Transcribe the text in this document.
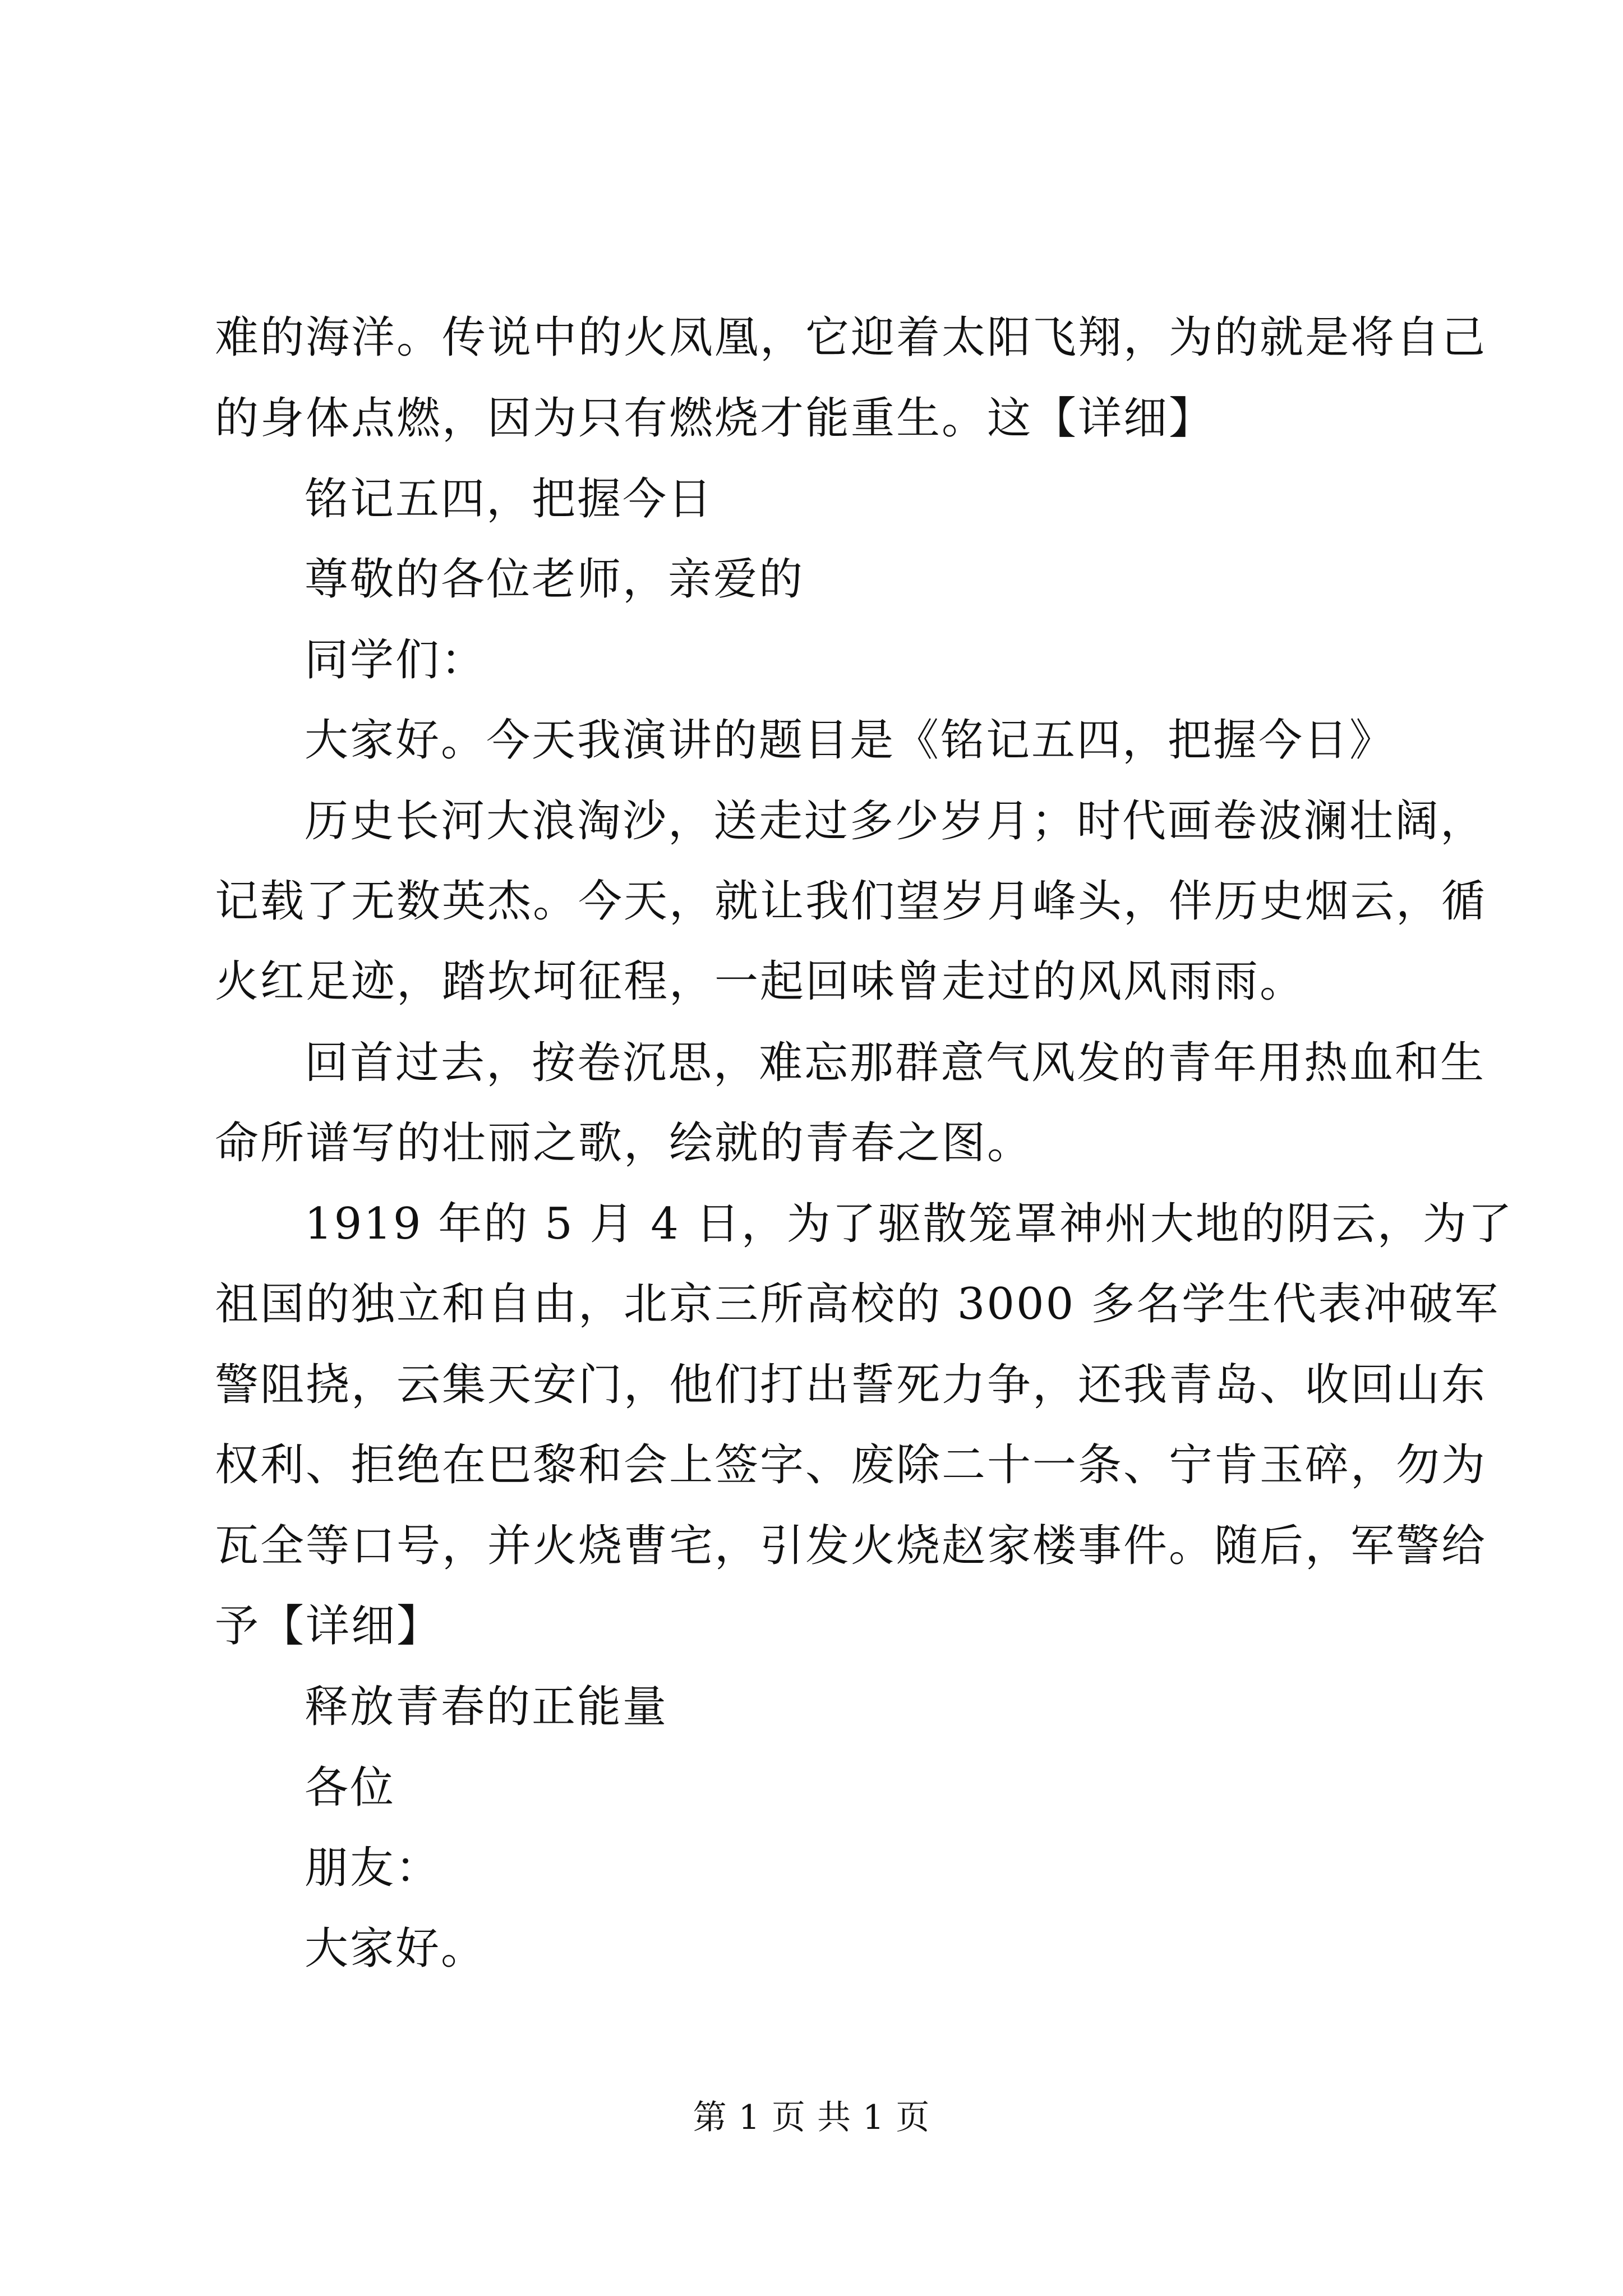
难的海洋。传说中的火凤凰，它迎着太阳飞翔，为的就是将自己
的身体点燃，因为只有燃烧才能重生。这【详细】
铭记五四，把握今日
尊敬的各位老师，亲爱的
同学们：
大家好。今天我演讲的题目是《铭记五四，把握今日》
历史长河大浪淘沙，送走过多少岁月；时代画卷波澜壮阔，
记载了无数英杰。今天，就让我们望岁月峰头，伴历史烟云，循
火红足迹，踏坎坷征程，一起回味曾走过的风风雨雨。
回首过去，按卷沉思，难忘那群意气风发的青年用热血和生
命所谱写的壮丽之歌，绘就的青春之图。
1919 年的 5 月 4 日，为了驱散笼罩神州大地的阴云，为了
祖国的独立和自由，北京三所高校的 3000 多名学生代表冲破军
警阻挠，云集天安门，他们打出誓死力争，还我青岛、收回山东
权利、拒绝在巴黎和会上签字、废除二十一条、宁肯玉碎，勿为
瓦全等口号，并火烧曹宅，引发火烧赵家楼事件。随后，军警给
予【详细】
释放青春的正能量
各位
朋友：
大家好。
第 1 页 共 1 页
